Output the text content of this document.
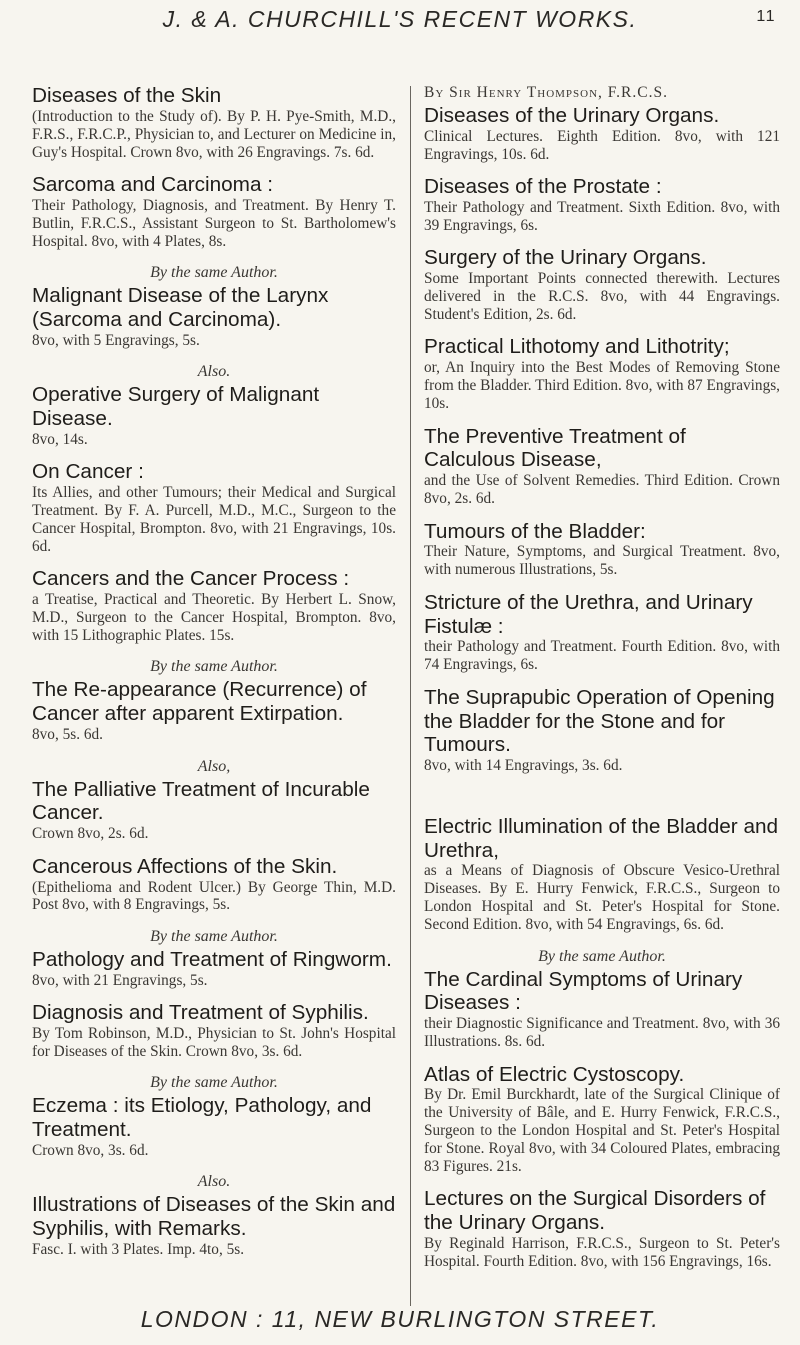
J. & A. CHURCHILL'S RECENT WORKS.	11
Diseases of the Skin
(Introduction to the Study of). By P. H. Pye-Smith, M.D., F.R.S., F.R.C.P., Physician to, and Lecturer on Medicine in, Guy's Hospital. Crown 8vo, with 26 Engravings. 7s. 6d.
Sarcoma and Carcinoma :
Their Pathology, Diagnosis, and Treatment. By Henry T. Butlin, F.R.C.S., Assistant Surgeon to St. Bartholomew's Hospital. 8vo, with 4 Plates, 8s.
By the same Author.
Malignant Disease of the Larynx (Sarcoma and Carcinoma).
8vo, with 5 Engravings, 5s.
Also.
Operative Surgery of Malignant Disease.
8vo, 14s.
On Cancer :
Its Allies, and other Tumours; their Medical and Surgical Treatment. By F. A. Purcell, M.D., M.C., Surgeon to the Cancer Hospital, Brompton. 8vo, with 21 Engravings, 10s. 6d.
Cancers and the Cancer Process :
a Treatise, Practical and Theoretic. By Herbert L. Snow, M.D., Surgeon to the Cancer Hospital, Brompton. 8vo, with 15 Lithographic Plates. 15s.
By the same Author.
The Re-appearance (Recurrence) of Cancer after apparent Extirpation.
8vo, 5s. 6d.
Also,
The Palliative Treatment of Incurable Cancer.
Crown 8vo, 2s. 6d.
Cancerous Affections of the Skin.
(Epithelioma and Rodent Ulcer.) By George Thin, M.D. Post 8vo, with 8 Engravings, 5s.
By the same Author.
Pathology and Treatment of Ringworm.
8vo, with 21 Engravings, 5s.
Diagnosis and Treatment of Syphilis.
By Tom Robinson, M.D., Physician to St. John's Hospital for Diseases of the Skin. Crown 8vo, 3s. 6d.
By the same Author.
Eczema : its Etiology, Pathology, and Treatment.
Crown 8vo, 3s. 6d.
Also.
Illustrations of Diseases of the Skin and Syphilis, with Remarks.
Fasc. I. with 3 Plates. Imp. 4to, 5s.
By Sir Henry Thompson, F.R.C.S.
Diseases of the Urinary Organs.
Clinical Lectures. Eighth Edition. 8vo, with 121 Engravings, 10s. 6d.
Diseases of the Prostate :
Their Pathology and Treatment. Sixth Edition. 8vo, with 39 Engravings, 6s.
Surgery of the Urinary Organs.
Some Important Points connected therewith. Lectures delivered in the R.C.S. 8vo, with 44 Engravings. Student's Edition, 2s. 6d.
Practical Lithotomy and Lithotrity;
or, An Inquiry into the Best Modes of Removing Stone from the Bladder. Third Edition. 8vo, with 87 Engravings, 10s.
The Preventive Treatment of Calculous Disease,
and the Use of Solvent Remedies. Third Edition. Crown 8vo, 2s. 6d.
Tumours of the Bladder:
Their Nature, Symptoms, and Surgical Treatment. 8vo, with numerous Illustrations, 5s.
Stricture of the Urethra, and Urinary Fistulæ :
their Pathology and Treatment. Fourth Edition. 8vo, with 74 Engravings, 6s.
The Suprapubic Operation of Opening the Bladder for the Stone and for Tumours.
8vo, with 14 Engravings, 3s. 6d.
Electric Illumination of the Bladder and Urethra,
as a Means of Diagnosis of Obscure Vesico-Urethral Diseases. By E. Hurry Fenwick, F.R.C.S., Surgeon to London Hospital and St. Peter's Hospital for Stone. Second Edition. 8vo, with 54 Engravings, 6s. 6d.
By the same Author.
The Cardinal Symptoms of Urinary Diseases :
their Diagnostic Significance and Treatment. 8vo, with 36 Illustrations. 8s. 6d.
Atlas of Electric Cystoscopy.
By Dr. Emil Burckhardt, late of the Surgical Clinique of the University of Bâle, and E. Hurry Fenwick, F.R.C.S., Surgeon to the London Hospital and St. Peter's Hospital for Stone. Royal 8vo, with 34 Coloured Plates, embracing 83 Figures. 21s.
Lectures on the Surgical Disorders of the Urinary Organs.
By Reginald Harrison, F.R.C.S., Surgeon to St. Peter's Hospital. Fourth Edition. 8vo, with 156 Engravings, 16s.
LONDON : 11, NEW BURLINGTON STREET.
